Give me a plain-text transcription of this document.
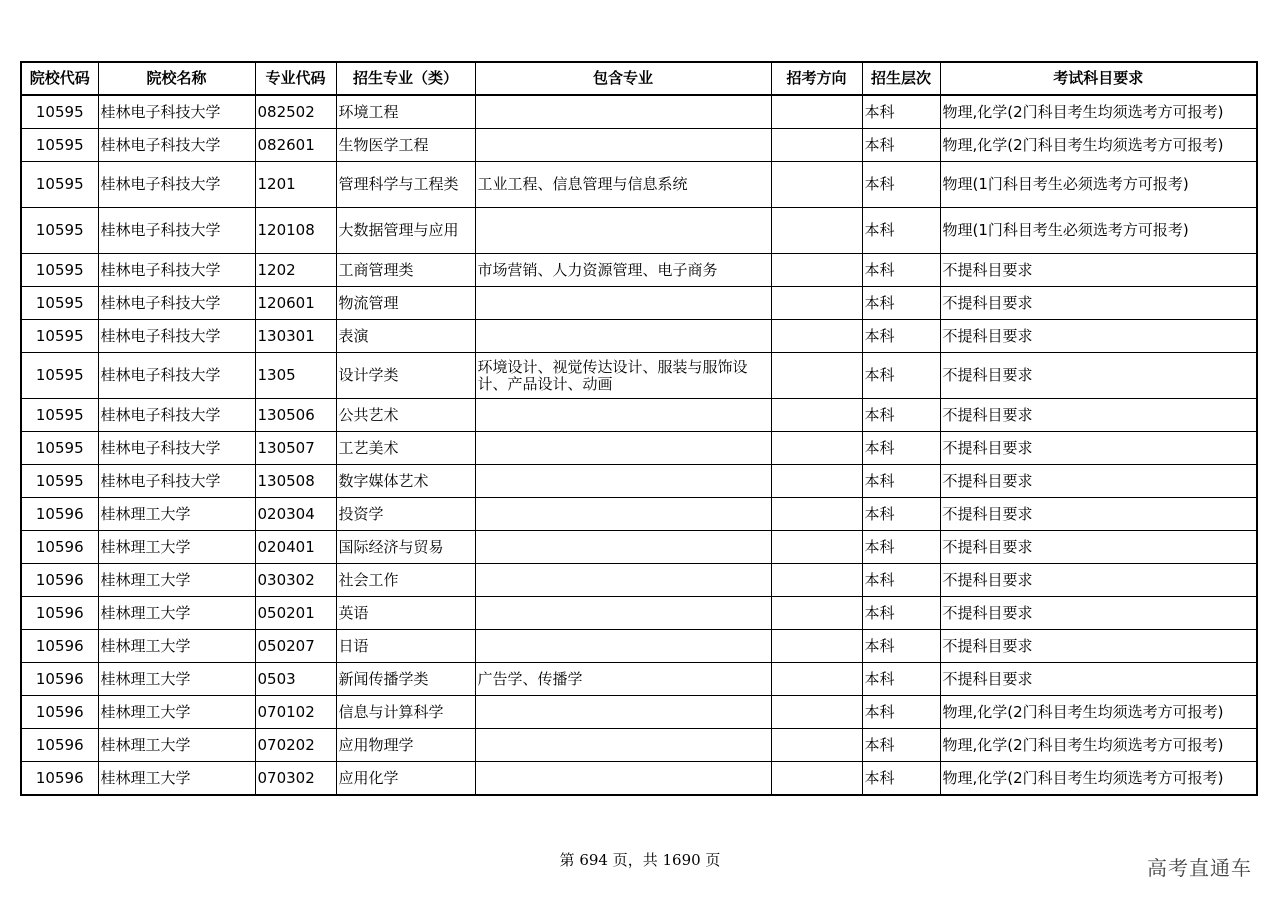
院校代码	院校名称	专业代码	招生专业（类）	包含专业	招考方向	招生层次	考试科目要求
10595	桂林电子科技大学	082502	环境工程			本科	物理,化学(2门科目考生均须选考方可报考)
10595	桂林电子科技大学	082601	生物医学工程			本科	物理,化学(2门科目考生均须选考方可报考)
10595	桂林电子科技大学	1201	管理科学与工程类	工业工程、信息管理与信息系统		本科	物理(1门科目考生必须选考方可报考)
10595	桂林电子科技大学	120108	大数据管理与应用			本科	物理(1门科目考生必须选考方可报考)
10595	桂林电子科技大学	1202	工商管理类	市场营销、人力资源管理、电子商务		本科	不提科目要求
10595	桂林电子科技大学	120601	物流管理			本科	不提科目要求
10595	桂林电子科技大学	130301	表演			本科	不提科目要求
10595	桂林电子科技大学	1305	设计学类	环境设计、视觉传达设计、服装与服饰设计、产品设计、动画		本科	不提科目要求
10595	桂林电子科技大学	130506	公共艺术			本科	不提科目要求
10595	桂林电子科技大学	130507	工艺美术			本科	不提科目要求
10595	桂林电子科技大学	130508	数字媒体艺术			本科	不提科目要求
10596	桂林理工大学	020304	投资学			本科	不提科目要求
10596	桂林理工大学	020401	国际经济与贸易			本科	不提科目要求
10596	桂林理工大学	030302	社会工作			本科	不提科目要求
10596	桂林理工大学	050201	英语			本科	不提科目要求
10596	桂林理工大学	050207	日语			本科	不提科目要求
10596	桂林理工大学	0503	新闻传播学类	广告学、传播学		本科	不提科目要求
10596	桂林理工大学	070102	信息与计算科学			本科	物理,化学(2门科目考生均须选考方可报考)
10596	桂林理工大学	070202	应用物理学			本科	物理,化学(2门科目考生均须选考方可报考)
10596	桂林理工大学	070302	应用化学			本科	物理,化学(2门科目考生均须选考方可报考)
第 694 页，共 1690 页	高考直通车
